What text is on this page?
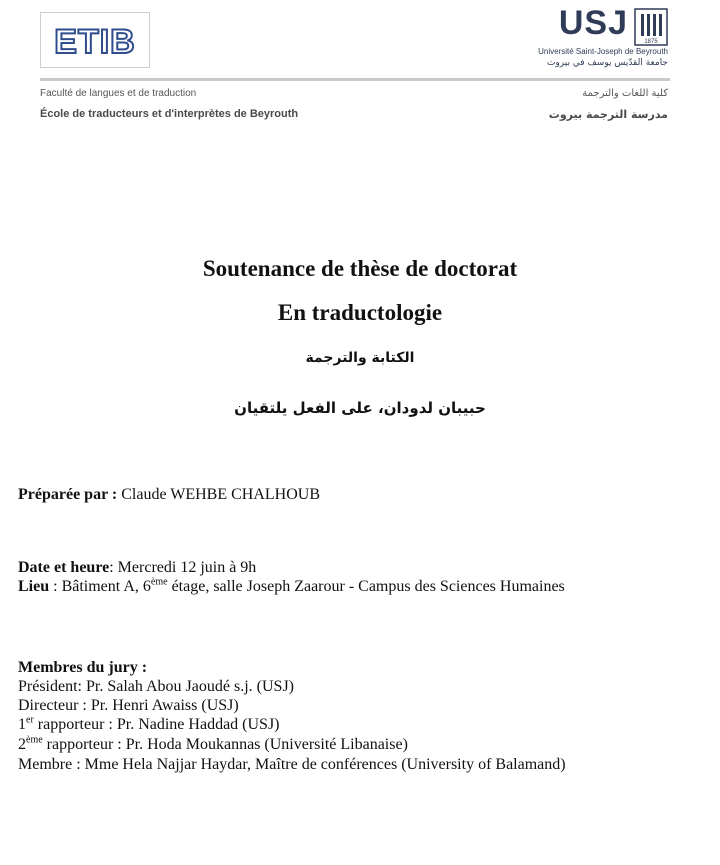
ETIB	USJ	1875
Université Saint-Joseph de Beyrouth
جامعة القدّيس يوسف في بيروت
Faculté de langues et de traduction
École de traducteurs et d'interprètes de Beyrouth
كلية اللغات والترجمة
مدرسة الترجمة بيروت
Soutenance de thèse de doctorat
En traductologie
الكتابة والترجمة
حبيبان لدودان، على الفعل يلتقيان
Préparée par : Claude WEHBE CHALHOUB
Date et heure: Mercredi 12 juin à 9h
Lieu : Bâtiment A, 6ème étage, salle Joseph Zaarour - Campus des Sciences Humaines
Membres du jury :
Président: Pr. Salah Abou Jaoudé s.j. (USJ)
Directeur : Pr. Henri Awaiss (USJ)
1er rapporteur : Pr. Nadine Haddad (USJ)
2ème rapporteur : Pr. Hoda Moukannas (Université Libanaise)
Membre : Mme Hela Najjar Haydar, Maître de conférences (University of Balamand)
